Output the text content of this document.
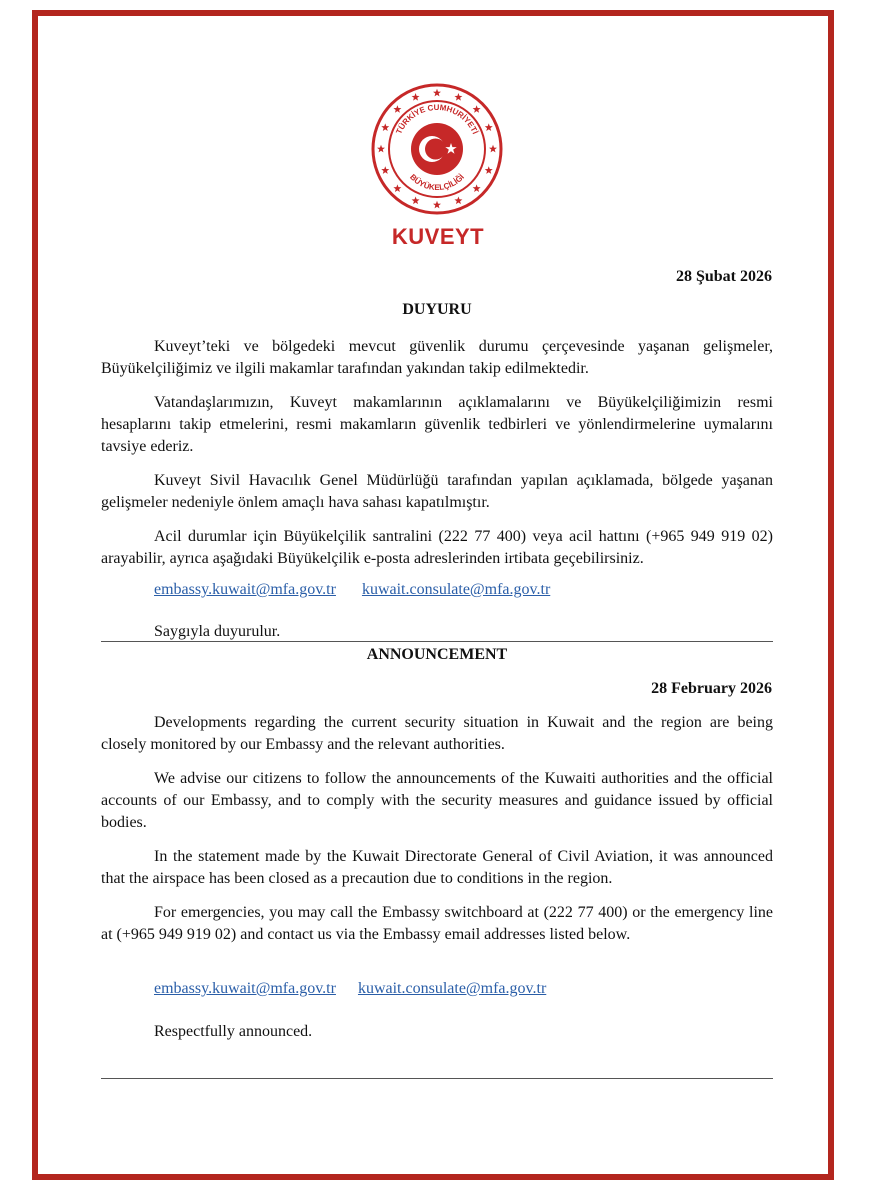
TÜRKİYE CUMHURİYETİ
BÜYÜKELÇİLİĞİ
KUVEYT
28 Şubat 2026
DUYURU

Kuveyt’teki ve bölgedeki mevcut güvenlik durumu çerçevesinde yaşanan gelişmeler, Büyükelçiliğimiz ve ilgili makamlar tarafından yakından takip edilmektedir.

Vatandaşlarımızın, Kuveyt makamlarının açıklamalarını ve Büyükelçiliğimizin resmi hesaplarını takip etmelerini, resmi makamların güvenlik tedbirleri ve yönlendirmelerine uymalarını tavsiye ederiz.

Kuveyt Sivil Havacılık Genel Müdürlüğü tarafından yapılan açıklamada, bölgede yaşanan gelişmeler nedeniyle önlem amaçlı hava sahası kapatılmıştır.

Acil durumlar için Büyükelçilik santralini (222 77 400) veya acil hattını (+965 949 919 02) arayabilir, ayrıca aşağıdaki Büyükelçilik e-posta adreslerinden irtibata geçebilirsiniz.

embassy.kuwait@mfa.gov.tr kuwait.consulate@mfa.gov.tr
Saygıyla duyurulur.
ANNOUNCEMENT
28 February 2026

Developments regarding the current security situation in Kuwait and the region are being closely monitored by our Embassy and the relevant authorities.

We advise our citizens to follow the announcements of the Kuwaiti authorities and the official accounts of our Embassy, and to comply with the security measures and guidance issued by official bodies.

In the statement made by the Kuwait Directorate General of Civil Aviation, it was announced that the airspace has been closed as a precaution due to conditions in the region.

For emergencies, you may call the Embassy switchboard at (222 77 400) or the emergency line at (+965 949 919 02) and contact us via the Embassy email addresses listed below.

embassy.kuwait@mfa.gov.tr kuwait.consulate@mfa.gov.tr
Respectfully announced.
